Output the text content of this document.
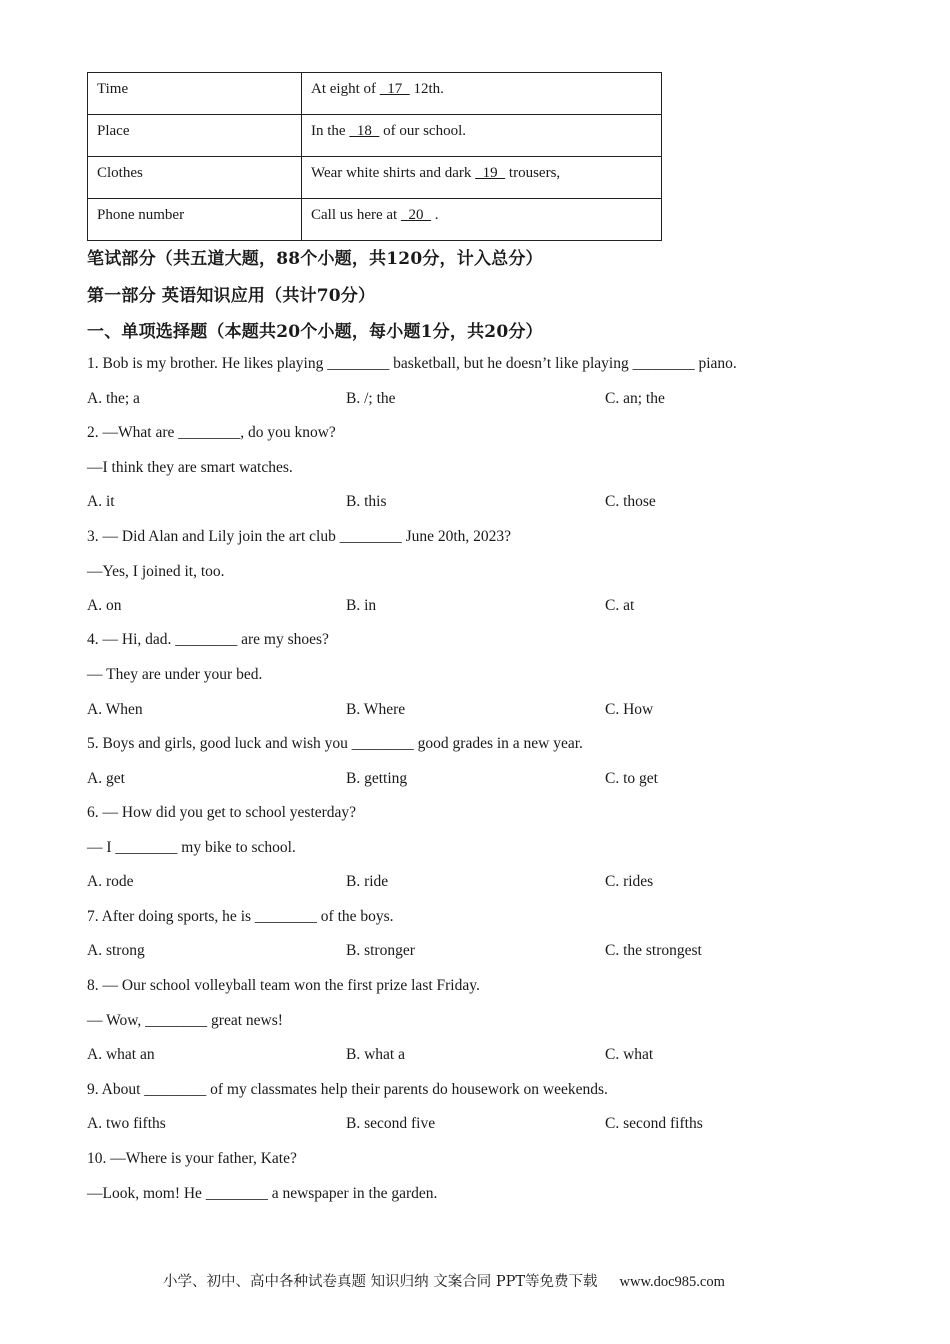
Time	At eight of   17   12th.

Place	In the   18   of our school.

Clothes	Wear white shirts and dark   19   trousers,

Phone number	Call us here at   20   .
笔试部分（共五道大题，88个小题，共120分，计入总分）
第一部分 英语知识应用（共计70分）
一、单项选择题（本题共20个小题，每小题1分，共20分）
1. Bob is my brother. He likes playing ________ basketball, but he doesn’t like playing ________ piano.
A. the; a	B. /; the	C. an; the
2. —What are ________, do you know?
—I think they are smart watches.
A. it	B. this	C. those
3. — Did Alan and Lily join the art club ________ June 20th, 2023?
—Yes, I joined it, too.
A. on	B. in	C. at
4. — Hi, dad. ________ are my shoes?
— They are under your bed.
A. When	B. Where	C. How
5. Boys and girls, good luck and wish you ________ good grades in a new year.
A. get	B. getting	C. to get
6. — How did you get to school yesterday?
— I ________ my bike to school.
A. rode	B. ride	C. rides
7. After doing sports, he is ________ of the boys.
A. strong	B. stronger	C. the strongest
8. — Our school volleyball team won the first prize last Friday.
— Wow, ________ great news!
A. what an	B. what a	C. what
9. About ________ of my classmates help their parents do housework on weekends.
A. two fifths	B. second five	C. second fifths
10. —Where is your father, Kate?
—Look, mom! He ________ a newspaper in the garden.
小学、初中、高中各种试卷真题 知识归纳 文案合同 PPT等免费下载 www.doc985.com
